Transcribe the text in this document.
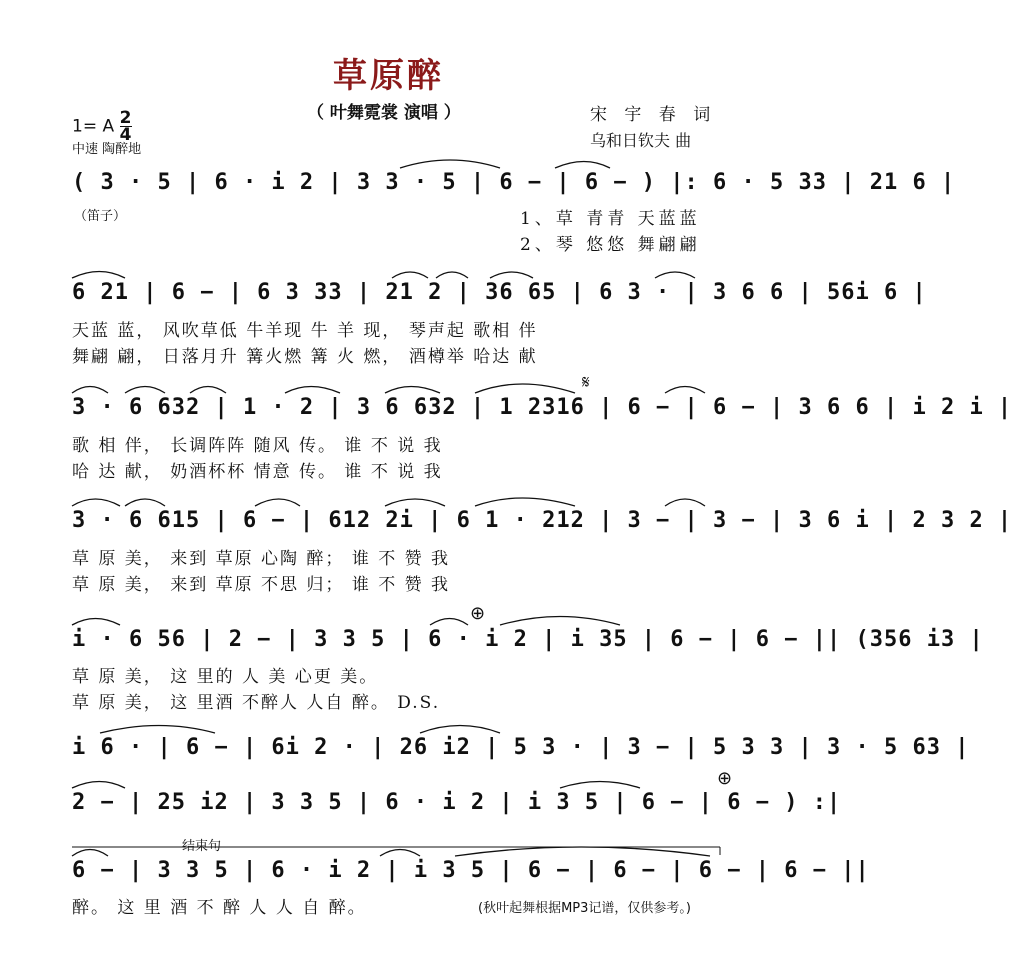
草原醉
（ 叶舞霓裳 演唱 ）
1= A $\frac{2}{4}$
中速 陶醉地
宋 宇 春 词
乌和日钦夫 曲
( 3 · 5 | 6 · i 2 | 3 3 · 5 | 6 − | 6 − ) |: 6 · 5 33 | 21 6 |
（笛子）	1、草 青青 天蓝蓝
2、琴 悠悠 舞翩翩
6 21 | 6 − | 6 3 33 | 21 2 | 36 65 | 6 3 · | 3 6 6 | 56i 6 |
天蓝 蓝， 风吹草低 牛羊现 牛 羊 现， 琴声起 歌相 伴
舞翩 翩， 日落月升 篝火燃 篝 火 燃， 酒樽举 哈达 献
𝄋
3 · 6 632 | 1 · 2 | 3 6 632 | 1 2316 | 6 − | 6 − | 3 6 6 | i 2 i |
歌 相 伴， 长调阵阵 随风 传。 谁 不 说 我
哈 达 献， 奶酒杯杯 情意 传。 谁 不 说 我
3 · 6 615 | 6 − | 612 2i | 6 1 · 212 | 3 − | 3 − | 3 6 i | 2 3 2 |
草 原 美， 来到 草原 心陶 醉； 谁 不 赞 我
草 原 美， 来到 草原 不思 归； 谁 不 赞 我
⊕
i · 6 56 | 2 − | 3 3 5 | 6 · i 2 | i 35 | 6 − | 6 − || (356 i3 |
草 原 美， 这 里的 人 美 心更 美。
草 原 美， 这 里酒 不醉人 人自 醉。 D.S.
i 6 · | 6 − | 6i 2 · | 26 i2 | 5 3 · | 3 − | 5 3 3 | 3 · 5 63 |
⊕
2 − | 25 i2 | 3 3 5 | 6 · i 2 | i 3 5 | 6 − | 6 − ) :|
结束句
6 − | 3 3 5 | 6 · i 2 | i 3 5 | 6 − | 6 − | 6 − | 6 − ||
醉。 这 里 酒 不 醉 人 人 自 醉。	(秋叶起舞根据MP3记谱，仅供参考。)
